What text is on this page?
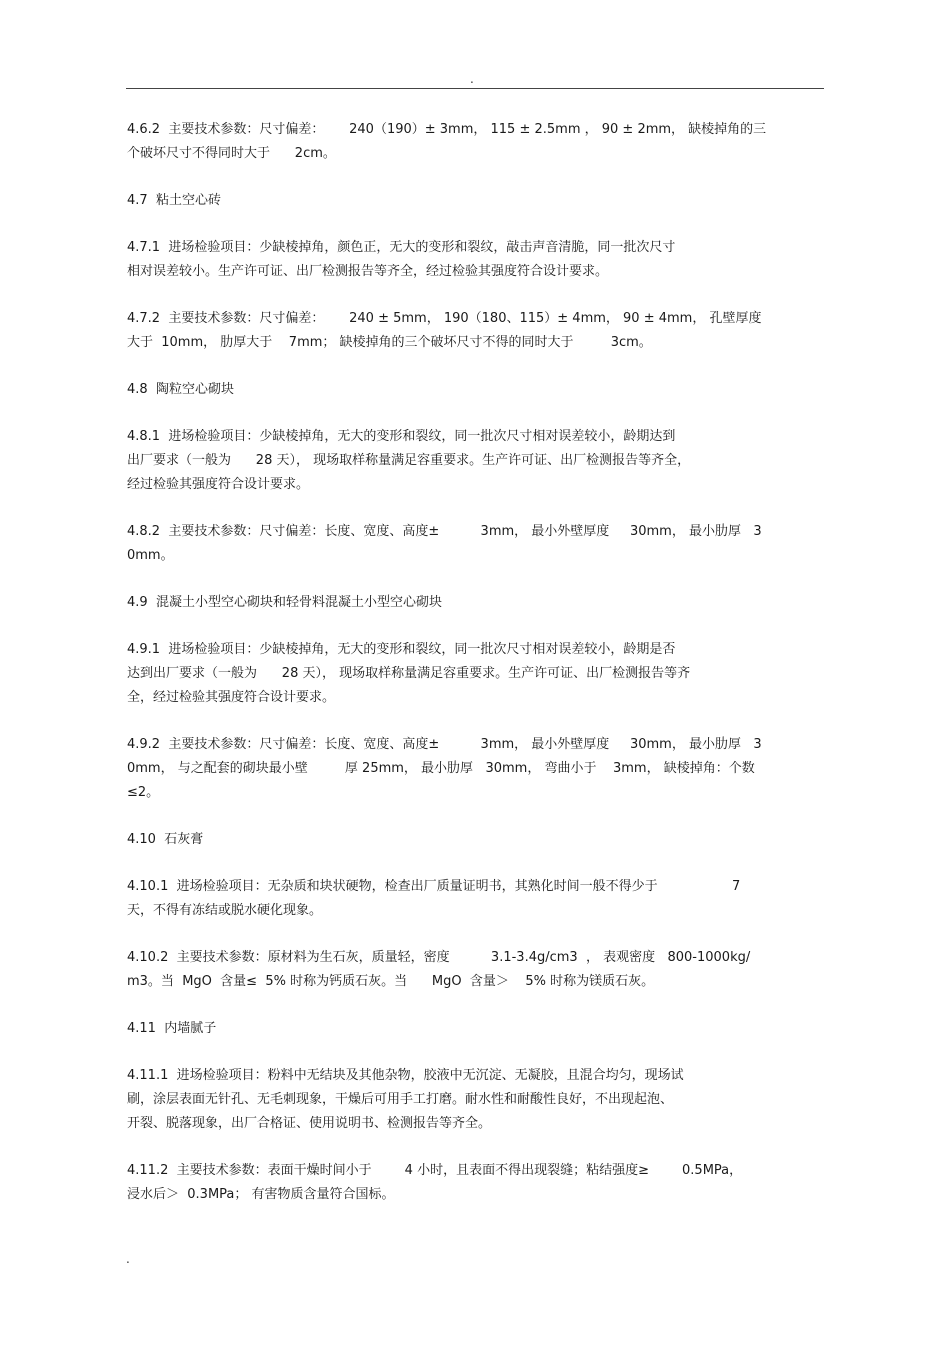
.
4.6.2  主要技术参数：尺寸偏差：      240（190）± 3mm， 115 ± 2.5mm ， 90 ± 2mm， 缺棱掉角的三
个破坏尺寸不得同时大于      2cm。
4.7  粘土空心砖
4.7.1  进场检验项目：少缺棱掉角，颜色正，无大的变形和裂纹，敲击声音清脆，同一批次尺寸
相对误差较小。生产许可证、出厂检测报告等齐全，经过检验其强度符合设计要求。
4.7.2  主要技术参数：尺寸偏差：      240 ± 5mm， 190（180、115）± 4mm， 90 ± 4mm， 孔壁厚度
大于  10mm， 肋厚大于    7mm； 缺棱掉角的三个破坏尺寸不得的同时大于         3cm。
4.8  陶粒空心砌块
4.8.1  进场检验项目：少缺棱掉角，无大的变形和裂纹，同一批次尺寸相对误差较小，龄期达到
出厂要求（一般为      28 天）， 现场取样称量满足容重要求。生产许可证、出厂检测报告等齐全，
经过检验其强度符合设计要求。
4.8.2  主要技术参数：尺寸偏差：长度、宽度、高度±          3mm， 最小外壁厚度     30mm， 最小肋厚   3
0mm。
4.9  混凝土小型空心砌块和轻骨料混凝土小型空心砌块
4.9.1  进场检验项目：少缺棱掉角，无大的变形和裂纹，同一批次尺寸相对误差较小，龄期是否
达到出厂要求（一般为      28 天）， 现场取样称量满足容重要求。生产许可证、出厂检测报告等齐
全，经过检验其强度符合设计要求。
4.9.2  主要技术参数：尺寸偏差：长度、宽度、高度±          3mm， 最小外壁厚度     30mm， 最小肋厚   3
0mm， 与之配套的砌块最小壁         厚 25mm， 最小肋厚   30mm， 弯曲小于    3mm， 缺棱掉角：个数
≤2。
4.10  石灰膏
4.10.1  进场检验项目：无杂质和块状硬物，检查出厂质量证明书，其熟化时间一般不得少于                  7
天，不得有冻结或脱水硬化现象。
4.10.2  主要技术参数：原材料为生石灰，质量轻，密度          3.1-3.4g/cm3  ， 表观密度   800-1000kg/
m3。当  MgO  含量≤  5% 时称为钙质石灰。当      MgO  含量＞    5% 时称为镁质石灰。
4.11  内墙腻子
4.11.1  进场检验项目：粉料中无结块及其他杂物，胶液中无沉淀、无凝胶，且混合均匀，现场试
刷，涂层表面无针孔、无毛刺现象，干燥后可用手工打磨。耐水性和耐酸性良好，不出现起泡、
开裂、脱落现象，出厂合格证、使用说明书、检测报告等齐全。
4.11.2  主要技术参数：表面干燥时间小于        4 小时，且表面不得出现裂缝；粘结强度≥        0.5MPa，
浸水后＞  0.3MPa； 有害物质含量符合国标。
.
